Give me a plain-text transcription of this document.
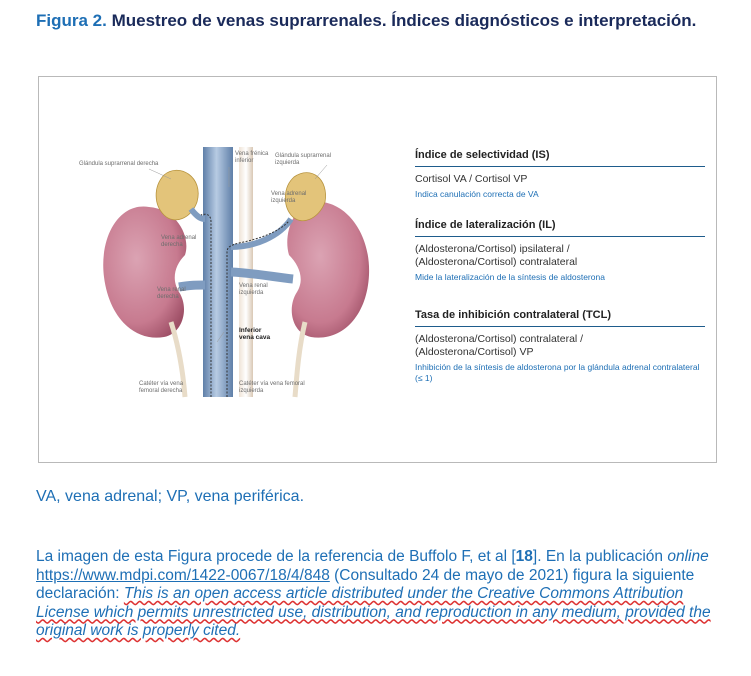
Figura 2. Muestreo de venas suprarrenales. Índices diagnósticos e interpretación.
Glándula suprarrenal derecha
Glándula suprarrenal izquierda
Vena frénica inferior
Vena adrenal izquierda
Vena adrenal derecha
Vena renal derecha
Vena renal izquierda
Inferior vena cava
Catéter vía vena femoral derecha
Catéter vía vena femoral izquierda
Índice de selectividad (IS)
Cortisol VA / Cortisol VP
Indica canulación correcta de VA
Índice de lateralización (IL)
(Aldosterona/Cortisol) ipsilateral /
(Aldosterona/Cortisol) contralateral
Mide la lateralización de la síntesis de aldosterona
Tasa de inhibición contralateral (TCL)
(Aldosterona/Cortisol) contralateral /
(Aldosterona/Cortisol) VP
Inhibición de la síntesis de aldosterona por la glándula adrenal contralateral (≤ 1)
VA, vena adrenal; VP, vena periférica.
La imagen de esta Figura procede de la referencia de Buffolo F, et al [18]. En la publicación online https://www.mdpi.com/1422-0067/18/4/848 (Consultado 24 de mayo de 2021) figura la siguiente declaración: This is an open access article distributed under the Creative Commons Attribution License which permits unrestricted use, distribution, and reproduction in any medium, provided the original work is properly cited.
